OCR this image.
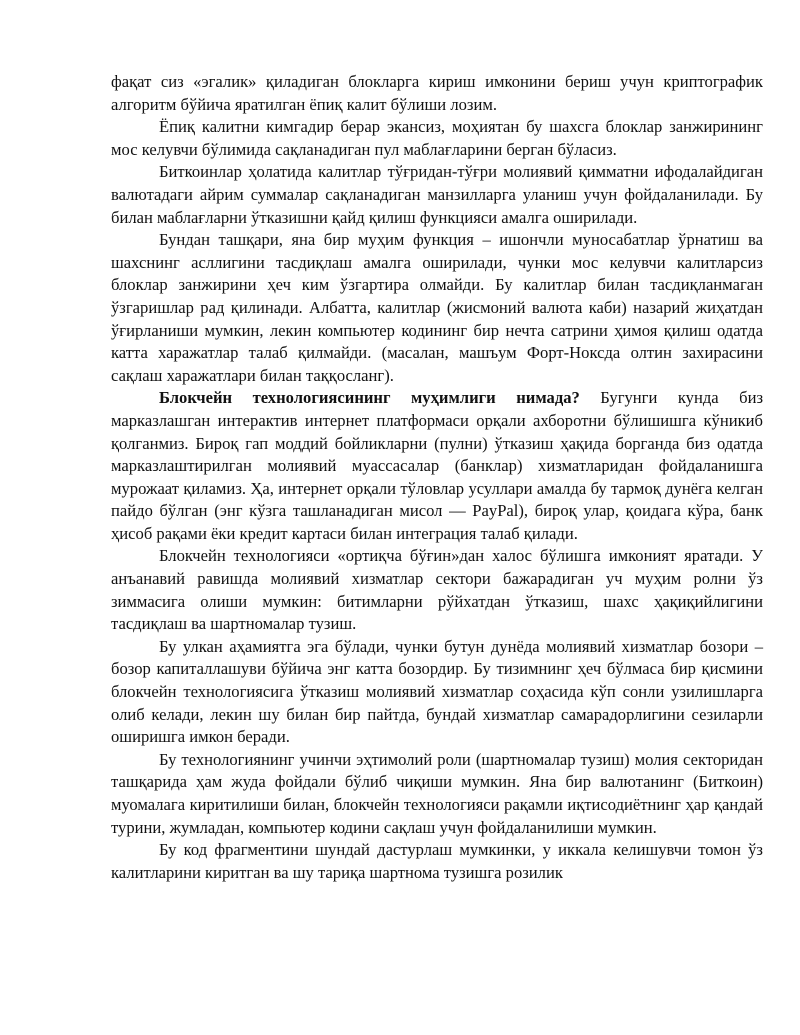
фақат сиз «эгалик» қиладиган блокларга кириш имконини бериш учун криптографик алгоритм бўйича яратилган ёпиқ калит бўлиши лозим.

Ёпиқ калитни кимгадир берар экансиз, моҳиятан бу шахсга блоклар занжирининг мос келувчи бўлимида сақланадиган пул маблағларини берган бўласиз.

Биткоинлар ҳолатида калитлар тўғридан-тўғри молиявий қимматни ифодалайдиган валютадаги айрим суммалар сақланадиган манзилларга уланиш учун фойдаланилади. Бу билан маблағларни ўтказишни қайд қилиш функцияси амалга оширилади.

Бундан ташқари, яна бир муҳим функция – ишончли муносабатлар ўрнатиш ва шахснинг асллигини тасдиқлаш амалга оширилади, чунки мос келувчи калитларсиз блоклар занжирини ҳеч ким ўзгартира олмайди. Бу калитлар билан тасдиқланмаган ўзгаришлар рад қилинади. Албатта, калитлар (жисмоний валюта каби) назарий жиҳатдан ўғирланиши мумкин, лекин компьютер кодининг бир нечта сатрини ҳимоя қилиш одатда катта харажатлар талаб қилмайди. (масалан, машъум Форт-Ноксда олтин захирасини сақлаш харажатлари билан таққосланг).

Блокчейн технологиясининг муҳимлиги нимада? Бугунги кунда биз марказлашган интерактив интернет платформаси орқали ахборотни бўлишишга кўникиб қолганмиз. Бироқ гап моддий бойликларни (пулни) ўтказиш ҳақида борганда биз одатда марказлаштирилган молиявий муассасалар (банклар) хизматларидан фойдаланишга мурожаат қиламиз. Ҳа, интернет орқали тўловлар усуллари амалда бу тармоқ дунёга келган пайдо бўлган (энг кўзга ташланадиган мисол — PayPal), бироқ улар, қоидага кўра, банк ҳисоб рақами ёки кредит картаси билан интеграция талаб қилади.

Блокчейн технологияси «ортиқча бўғин»дан халос бўлишга имконият яратади. У анъанавий равишда молиявий хизматлар сектори бажарадиган уч муҳим ролни ўз зиммасига олиши мумкин: битимларни рўйхатдан ўтказиш, шахс ҳақиқийлигини тасдиқлаш ва шартномалар тузиш.

Бу улкан аҳамиятга эга бўлади, чунки бутун дунёда молиявий хизматлар бозори – бозор капиталлашуви бўйича энг катта бозордир. Бу тизимнинг ҳеч бўлмаса бир қисмини блокчейн технологиясига ўтказиш молиявий хизматлар соҳасида кўп сонли узилишларга олиб келади, лекин шу билан бир пайтда, бундай хизматлар самарадорлигини сезиларли оширишга имкон беради.

Бу технологиянинг учинчи эҳтимолий роли (шартномалар тузиш) молия секторидан ташқарида ҳам жуда фойдали бўлиб чиқиши мумкин. Яна бир валютанинг (Биткоин) муомалага киритилиши билан, блокчейн технологияси рақамли иқтисодиётнинг ҳар қандай турини, жумладан, компьютер кодини сақлаш учун фойдаланилиши мумкин.

Бу код фрагментини шундай дастурлаш мумкинки, у иккала келишувчи томон ўз калитларини киритган ва шу тариқа шартнома тузишга розилик
